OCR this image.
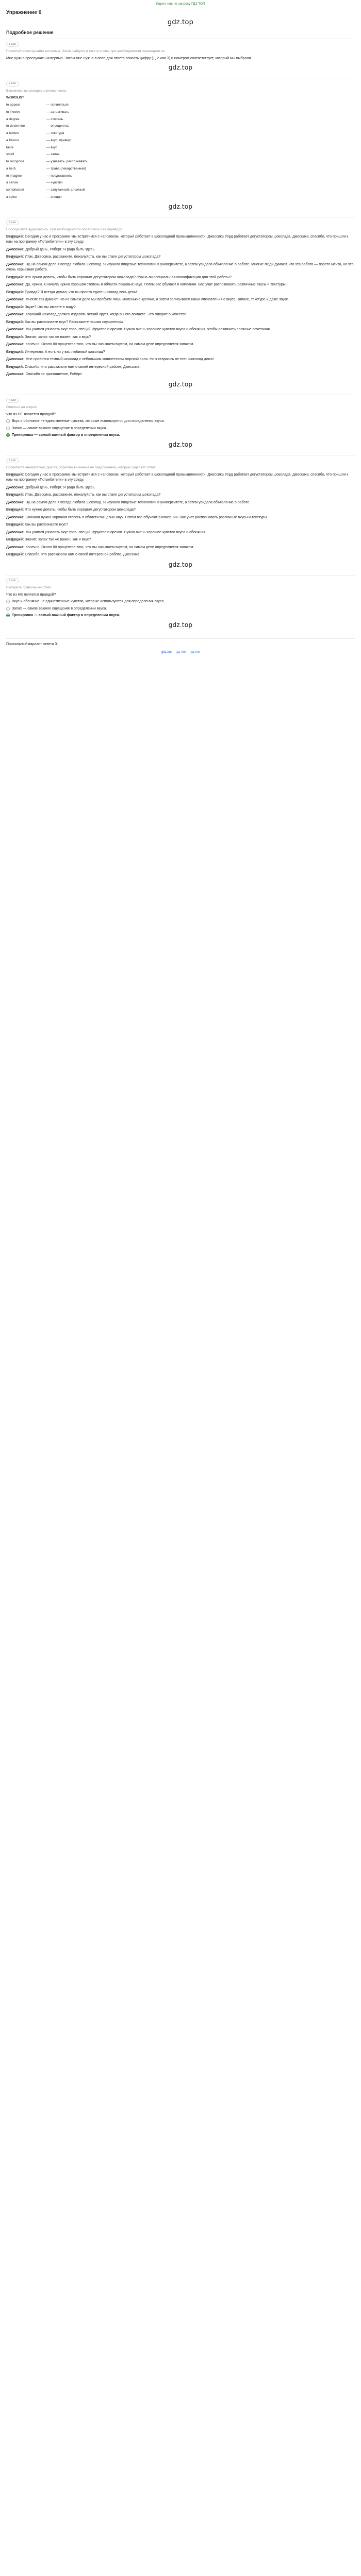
Ищите нас по запросу ГДЗ ТОП
Упражнение 6
gdz.top
Подробное решение
1 шаг
Прочитайте/послушайте интервью. Затем найдите в тексте слова, при необходимости переведите их.
Мне нужно прослушать интервью. Затем мне нужно в поле для ответа вписать цифру (1, 2 или 3) и номером соответствует, который мы выбрали.
gdz.top
2 шаг
Вспомнить по словарю значения слов.
WORDLIST
to appear	— появляться
to involve	— затрагивать
a degree	— степень
to determine	— определять
a texture	— текстура
a flavour	— вкус, привкус
taste	— вкус
smell	— запах
to recognise	— узнавать, распознавать
a herb	— трава (лекарственная)
to imagine	— представлять
a sense	— чувство
complicated	— запутанный, сложный
a spice	— специя
gdz.top
3 шаг
Прослушайте аудиозапись. При необходимости обратитесь к ее переводу.

Ведущий: Сегодня у нас в программе мы встретимся с человеком, который работает в шоколадной промышленности. Джессика Уорд работает дегустатором шоколада. Джессика, спасибо, что пришли к нам на программу «Потребители» в эту среду.

Джессика: Добрый день, Роберт. Я рада быть здесь.

Ведущий: Итак, Джессика, расскажите, пожалуйста, как вы стали дегустатором шоколада?

Джессика: Ну, на самом деле я всегда любила шоколад. Я изучала пищевые технологии в университете, а затем увидела объявление о работе. Многие люди думают, что эта работа — просто мечта, но это очень серьезная работа.

Ведущий: Что нужно делать, чтобы быть хорошим дегустатором шоколада? Нужна ли специальная квалификация для этой работы?

Джессика: Да, нужна. Сначала нужна хорошая степень в области пищевых наук. Потом вас обучают в компании. Вас учат распознавать различные вкусы и текстуры.

Ведущий: Правда? Я всегда думал, что вы просто едите шоколад весь день!

Джессика: Многие так думают! Но на самом деле мы пробуем лишь маленькие кусочки, а затем записываем наши впечатления о вкусе, запахе, текстуре и даже звуке.

Ведущий: Звуке? Что вы имеете в виду?

Джессика: Хороший шоколад должен издавать четкий хруст, когда вы его ломаете. Это говорит о качестве.

Ведущий: Как вы распознаете вкус? Расскажите нашим слушателям.

Джессика: Мы учимся узнавать вкус трав, специй, фруктов и орехов. Нужно очень хорошее чувство вкуса и обоняния, чтобы различить сложные сочетания.

Ведущий: Значит, запах так же важен, как и вкус?

Джессика: Конечно. Около 80 процентов того, что мы называем вкусом, на самом деле определяется запахом.

Ведущий: Интересно. А есть ли у вас любимый шоколад?

Джессика: Мне нравится темный шоколад с небольшим количеством морской соли. Но я стараюсь не есть шоколад дома!

Ведущий: Спасибо, что рассказали нам о своей интересной работе, Джессика.

Джессика: Спасибо за приглашение, Роберт.

gdz.top
4 шаг
Ответьте на вопрос.
Что из НЕ является правдой?
Вкус и обоняние не единственные чувства, которые используются для определения вкуса.
Запах — самое важное ощущение в определении вкуса.
Тренировка — самый важный фактор в определении вкуса.
gdz.top
5 шаг
Прочитайте внимательно диалог, обратите внимание на предложения, которые содержат ответ.

Ведущий: Сегодня у нас в программе мы встретимся с человеком, который работает в шоколадной промышленности. Джессика Уорд работает дегустатором шоколада. Джессика, спасибо, что пришли к нам на программу «Потребители» в эту среду.

Джессика: Добрый день, Роберт. Я рада быть здесь.

Ведущий: Итак, Джессика, расскажите, пожалуйста, как вы стали дегустатором шоколада?

Джессика: Ну, на самом деле я всегда любила шоколад. Я изучала пищевые технологии в университете, а затем увидела объявление о работе.

Ведущий: Что нужно делать, чтобы быть хорошим дегустатором шоколада?

Джессика: Сначала нужна хорошая степень в области пищевых наук. Потом вас обучают в компании. Вас учат распознавать различные вкусы и текстуры.

Ведущий: Как вы распознаете вкус?

Джессика: Мы учимся узнавать вкус трав, специй, фруктов и орехов. Нужно очень хорошее чувство вкуса и обоняния.

Ведущий: Значит, запах так же важен, как и вкус?

Джессика: Конечно. Около 80 процентов того, что мы называем вкусом, на самом деле определяется запахом.

Ведущий: Спасибо, что рассказали нам о своей интересной работе, Джессика.

gdz.top
6 шаг
Выберите правильный ответ.
Что из НЕ является правдой?
Вкус и обоняние не единственные чувства, которые используются для определения вкуса.
Запах — самое важное ощущение в определении вкуса.
Тренировка — самый важный фактор в определении вкуса.
gdz.top
Правильный вариант ответа 3.
gdz.top гдз топ гдз.топ
